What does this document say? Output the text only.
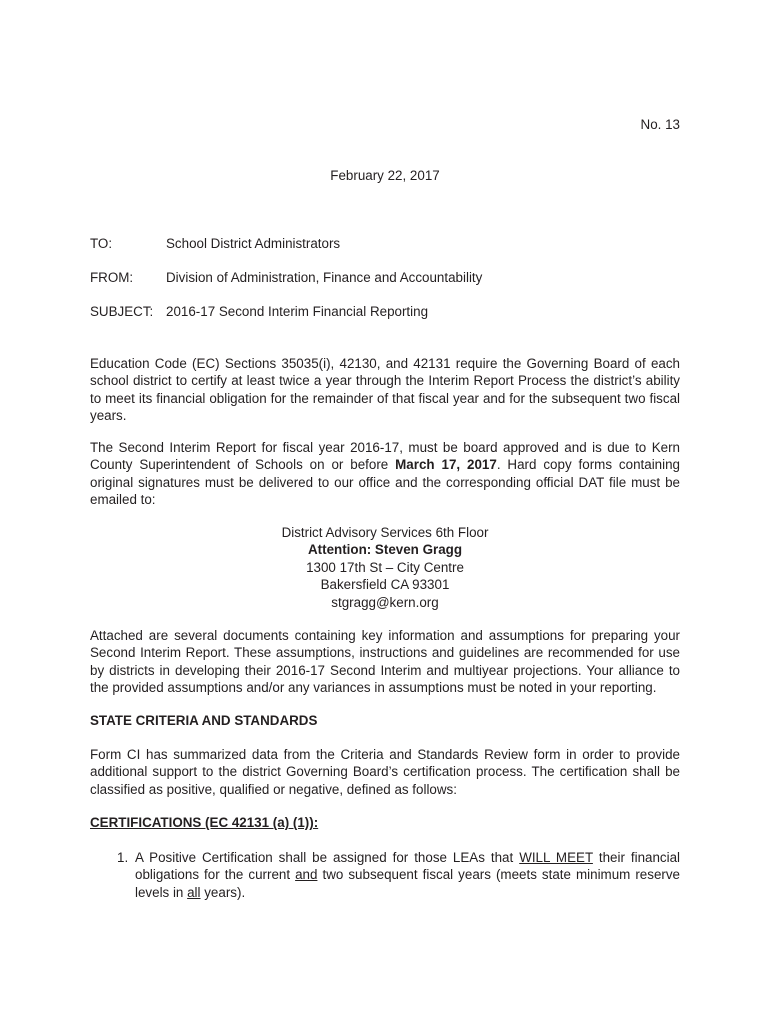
No. 13
February 22, 2017
TO:	School District Administrators
FROM: Division of Administration, Finance and Accountability
SUBJECT: 2016-17 Second Interim Financial Reporting

Education Code (EC) Sections 35035(i), 42130, and 42131 require the Governing Board of each school district to certify at least twice a year through the Interim Report Process the district’s ability to meet its financial obligation for the remainder of that fiscal year and for the subsequent two fiscal years.

The Second Interim Report for fiscal year 2016-17, must be board approved and is due to Kern County Superintendent of Schools on or before March 17, 2017. Hard copy forms containing original signatures must be delivered to our office and the corresponding official DAT file must be emailed to:

District Advisory Services 6th Floor
Attention: Steven Gragg
1300 17th St – City Centre
Bakersfield CA 93301
stgragg@kern.org

Attached are several documents containing key information and assumptions for preparing your Second Interim Report. These assumptions, instructions and guidelines are recommended for use by districts in developing their 2016-17 Second Interim and multiyear projections. Your alliance to the provided assumptions and/or any variances in assumptions must be noted in your reporting.

STATE CRITERIA AND STANDARDS

Form CI has summarized data from the Criteria and Standards Review form in order to provide additional support to the district Governing Board’s certification process. The certification shall be classified as positive, qualified or negative, defined as follows:

CERTIFICATIONS (EC 42131 (a) (1)):
1. A Positive Certification shall be assigned for those LEAs that WILL MEET their financial obligations for the current and two subsequent fiscal years (meets state minimum reserve levels in all years).
